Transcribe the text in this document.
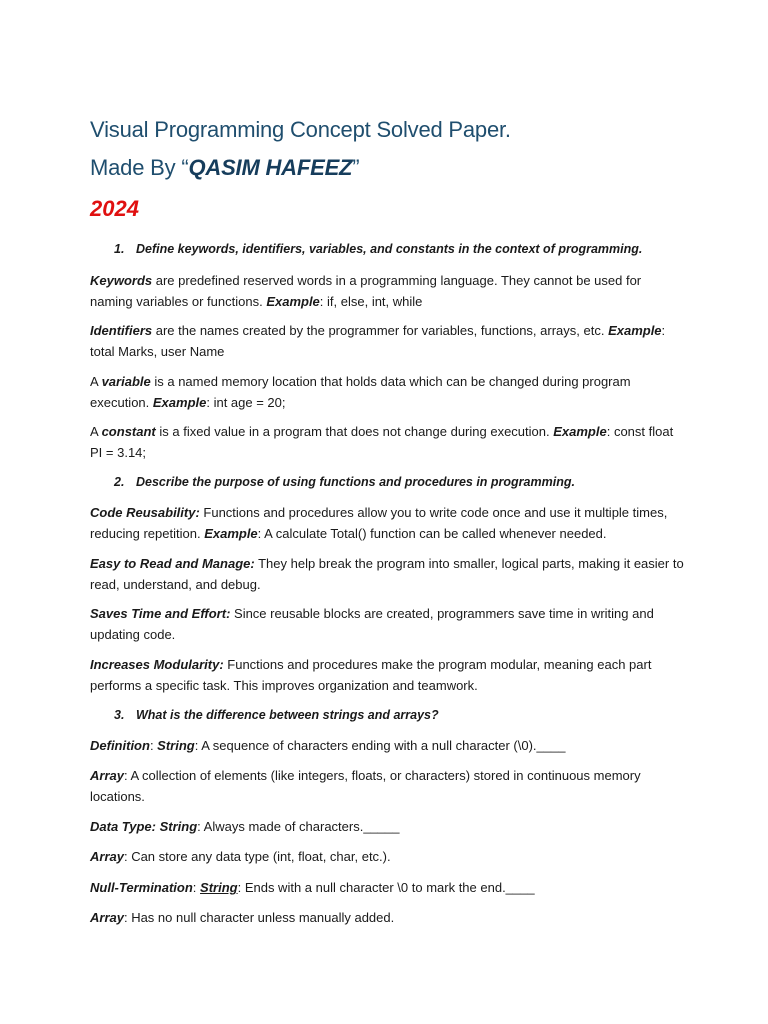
Visual Programming Concept Solved Paper.
Made By “QASIM HAFEEZ”
2024
1. Define keywords, identifiers, variables, and constants in the context of programming.
Keywords are predefined reserved words in a programming language. They cannot be used for naming variables or functions. Example: if, else, int, while
Identifiers are the names created by the programmer for variables, functions, arrays, etc. Example: total Marks, user Name
A variable is a named memory location that holds data which can be changed during program execution. Example: int age = 20;
A constant is a fixed value in a program that does not change during execution. Example: const float PI = 3.14;
2. Describe the purpose of using functions and procedures in programming.
Code Reusability: Functions and procedures allow you to write code once and use it multiple times, reducing repetition. Example: A calculate Total() function can be called whenever needed.
Easy to Read and Manage: They help break the program into smaller, logical parts, making it easier to read, understand, and debug.
Saves Time and Effort: Since reusable blocks are created, programmers save time in writing and updating code.
Increases Modularity: Functions and procedures make the program modular, meaning each part performs a specific task. This improves organization and teamwork.
3. What is the difference between strings and arrays?
Definition: String: A sequence of characters ending with a null character (\0).____
Array: A collection of elements (like integers, floats, or characters) stored in continuous memory locations.
Data Type: String: Always made of characters._____
Array: Can store any data type (int, float, char, etc.).
Null-Termination: String: Ends with a null character \0 to mark the end.____
Array: Has no null character unless manually added.
